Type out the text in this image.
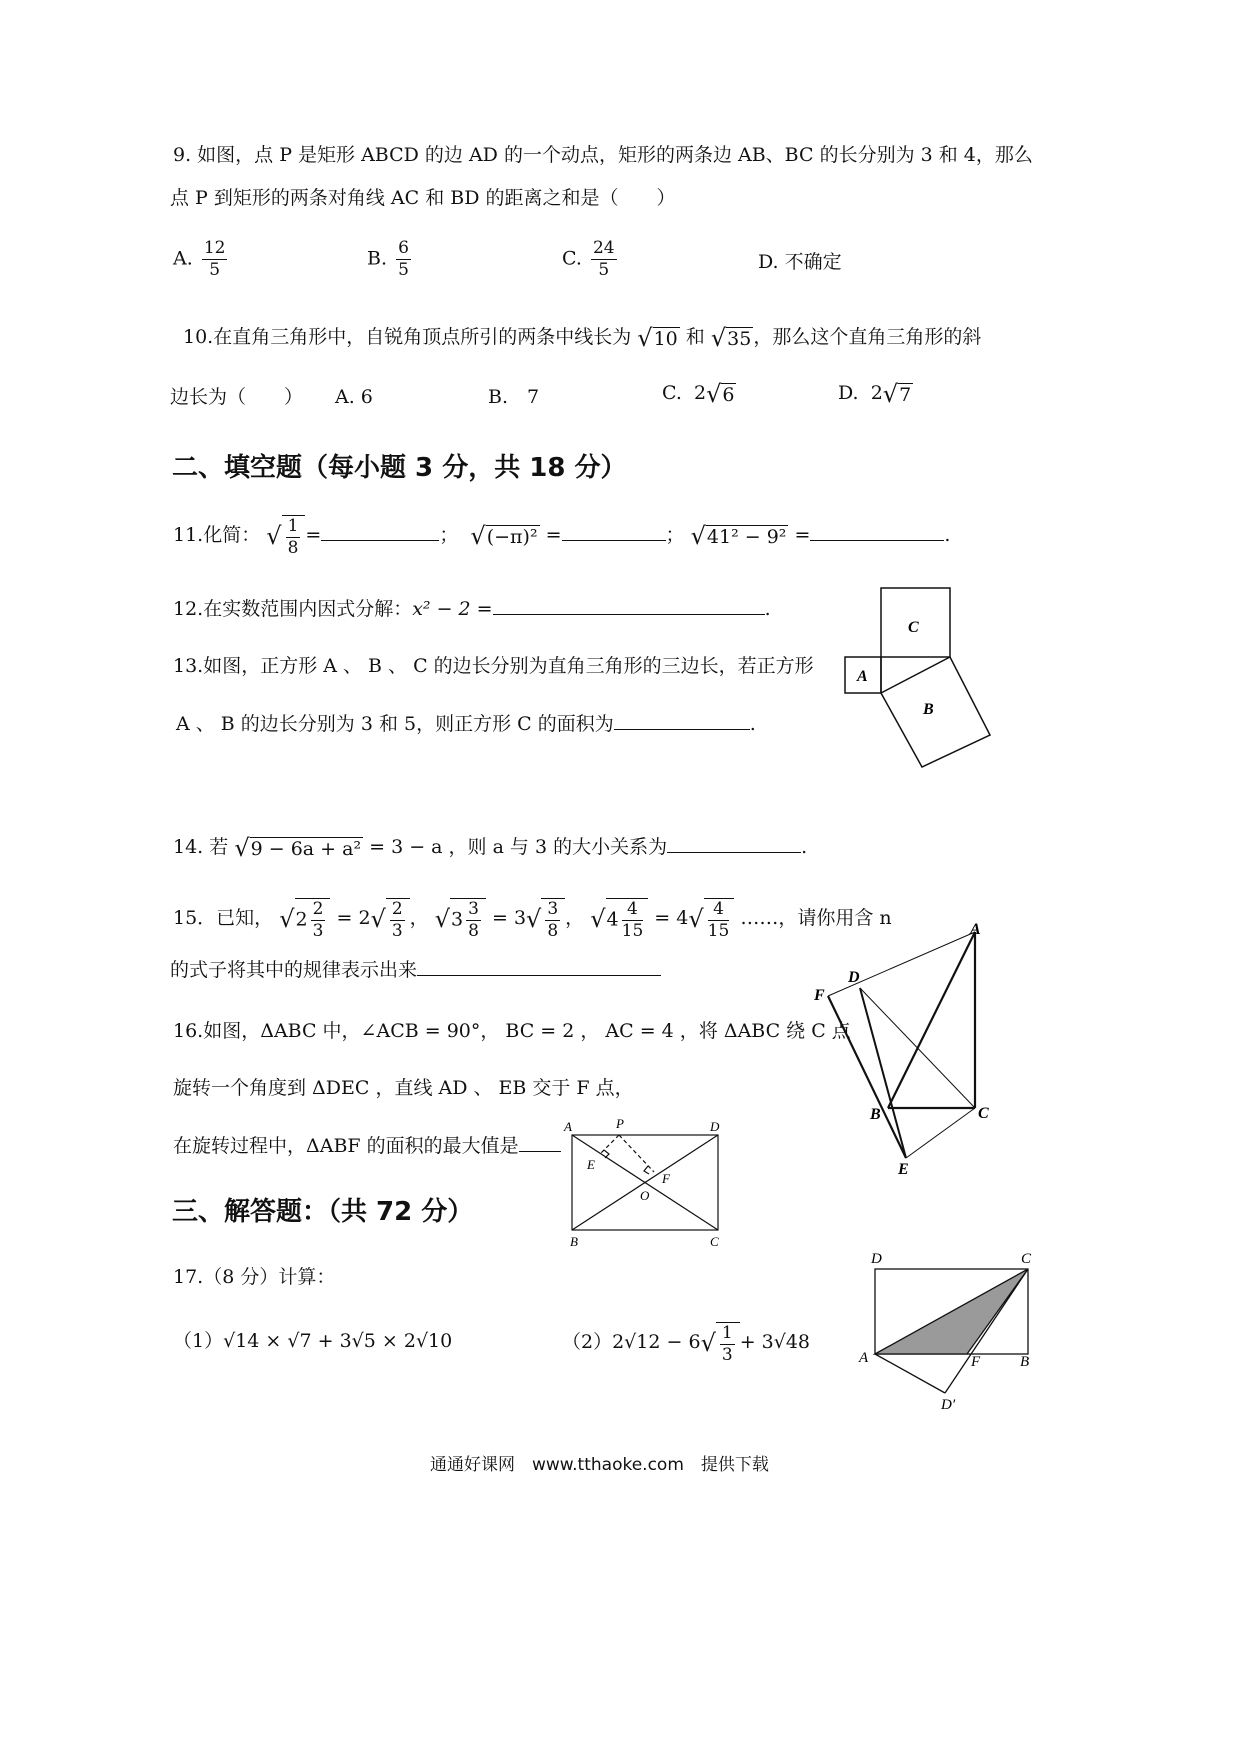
9. 如图，点 P 是矩形 ABCD 的边 AD 的一个动点，矩形的两条边 AB、BC 的长分别为 3 和 4，那么
点 P 到矩形的两条对角线 AC 和 BD 的距离之和是（　　）
A. $\frac{12}{5}$	B. $\frac{6}{5}$	C. $\frac{24}{5}$	D. 不确定
10.在直角三角形中，自锐角顶点所引的两条中线长为 √10 和 √35 ，那么这个直角三角形的斜
边长为（　　） A. 6	B.　7	C. 2√6	D. 2√7
二、填空题（每小题 3 分，共 18 分）
11.化简： √ $\frac{1}{8}$ =	； √(−π)² =	； √41² − 9² =	.
12.在实数范围内因式分解：x² − 2 =	.
13.如图，正方形 A 、 B 、 C 的边长分别为直角三角形的三边长，若正方形
A 、 B 的边长分别为 3 和 5，则正方形 C 的面积为	.
14. 若 √9 − 6a + a² = 3 − a ，则 a 与 3 的大小关系为	.
15．已知， $√2 \frac{2}{3} = 2√ \frac{2}{3}$ ， $√3 \frac{3}{8} = 3√ \frac{3}{8}$ ， $√4 \frac{4}{15} = 4√ \frac{4}{15}$ ……，请你用含 n
的式子将其中的规律表示出来
16.如图，ΔABC 中，∠ACB = 90°， BC = 2 ， AC = 4 ，将 ΔABC 绕 C 点
旋转一个角度到 ΔDEC ，直线 AD 、 EB 交于 F 点，
在旋转过程中，ΔABF 的面积的最大值是
三、解答题：（共 72 分）
17.（8 分）计算：
（1）√14 × √7 + 3√5 × 2√10	$(2)2√12 - 6√ \frac{1}{3} + 3√48$
通通好课网　www.tthaoke.com　提供下载
C
A
B
A
D
F
B	C
E
A	P	D
E
F
O
B	C
D	C
A	F	B
D′
